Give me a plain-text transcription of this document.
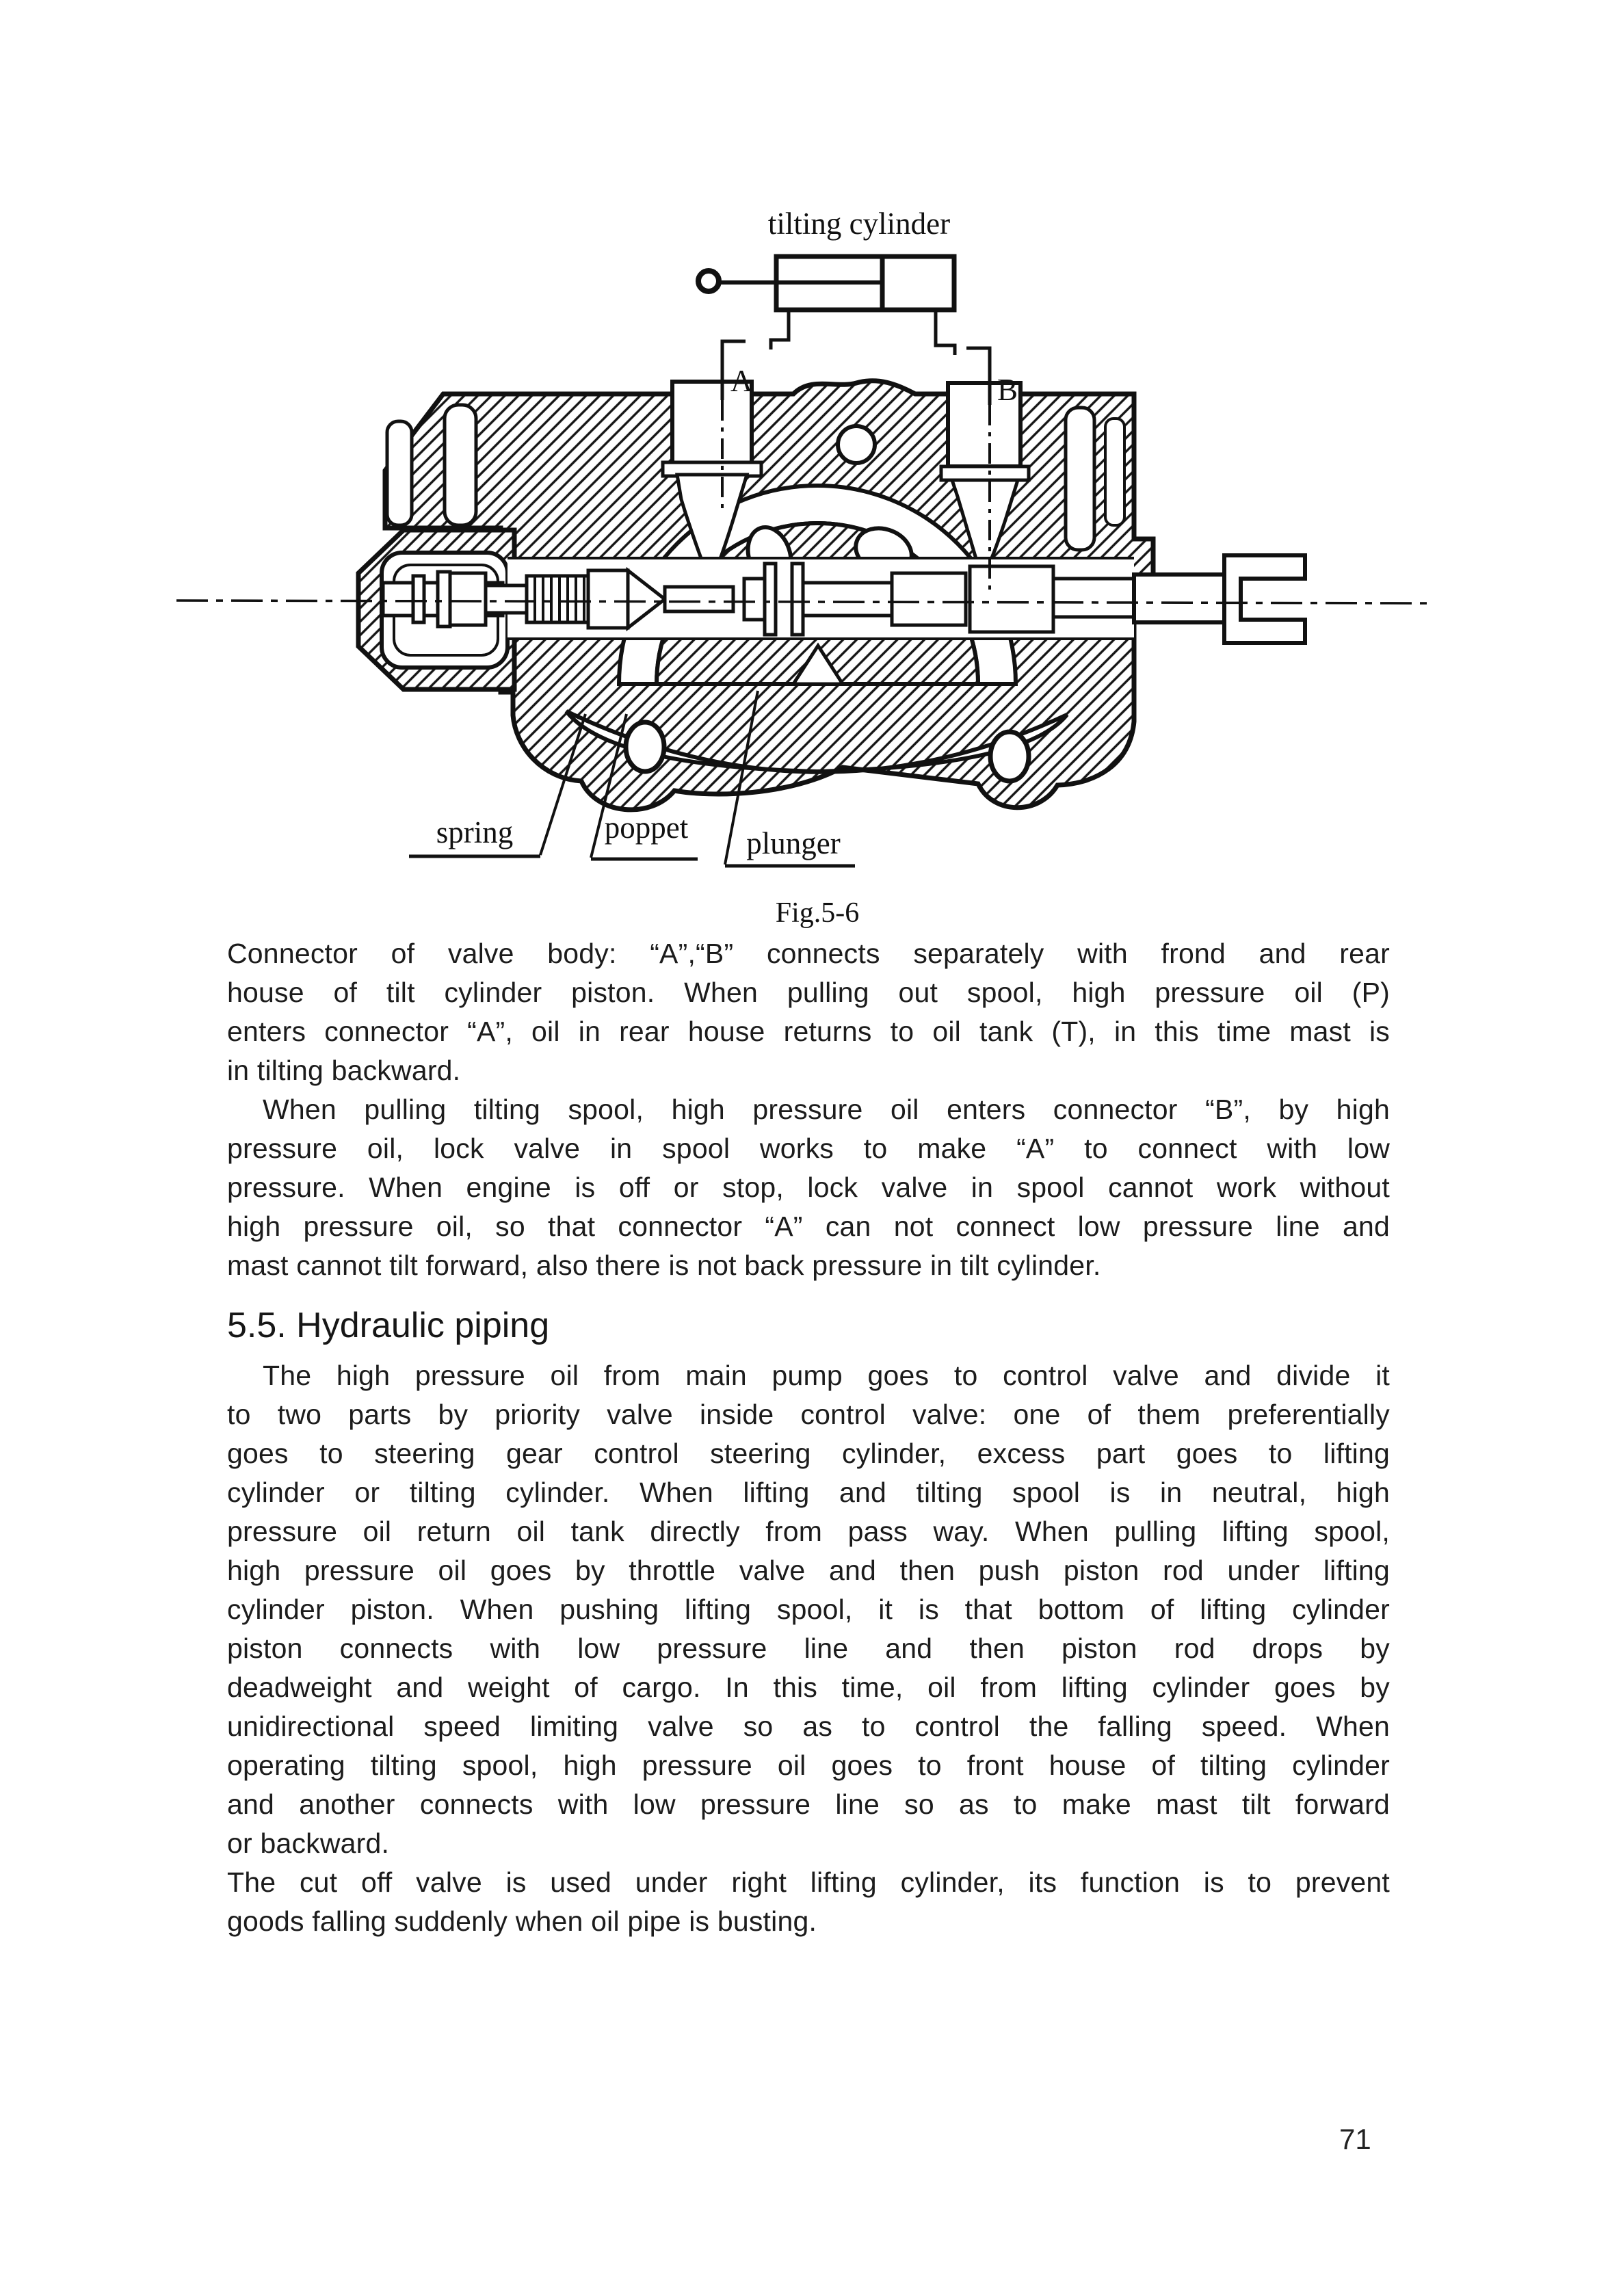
tilting cylinder
A	B
spring	poppet plunger
Fig.5-6
Connector of valve body: “A”,“B” connects separately with frond and rear
house of tilt cylinder piston. When pulling out spool, high pressure oil (P)
enters connector “A”, oil in rear house returns to oil tank (T), in this time mast is
in tilting backward.
When pulling tilting spool, high pressure oil enters connector “B”, by high
pressure oil, lock valve in spool works to make “A” to connect with low
pressure. When engine is off or stop, lock valve in spool cannot work without
high pressure oil, so that connector “A” can not connect low pressure line and
mast cannot tilt forward, also there is not back pressure in tilt cylinder.
5.5. Hydraulic piping
The high pressure oil from main pump goes to control valve and divide it
to two parts by priority valve inside control valve: one of them preferentially
goes to steering gear control steering cylinder, excess part goes to lifting
cylinder or tilting cylinder. When lifting and tilting spool is in neutral, high
pressure oil return oil tank directly from pass way. When pulling lifting spool,
high pressure oil goes by throttle valve and then push piston rod under lifting
cylinder piston. When pushing lifting spool, it is that bottom of lifting cylinder
piston connects with low pressure line and then piston rod drops by
deadweight and weight of cargo. In this time, oil from lifting cylinder goes by
unidirectional speed limiting valve so as to control the falling speed. When
operating tilting spool, high pressure oil goes to front house of tilting cylinder
and another connects with low pressure line so as to make mast tilt forward
or backward.
The cut off valve is used under right lifting cylinder, its function is to prevent
goods falling suddenly when oil pipe is busting.
71
